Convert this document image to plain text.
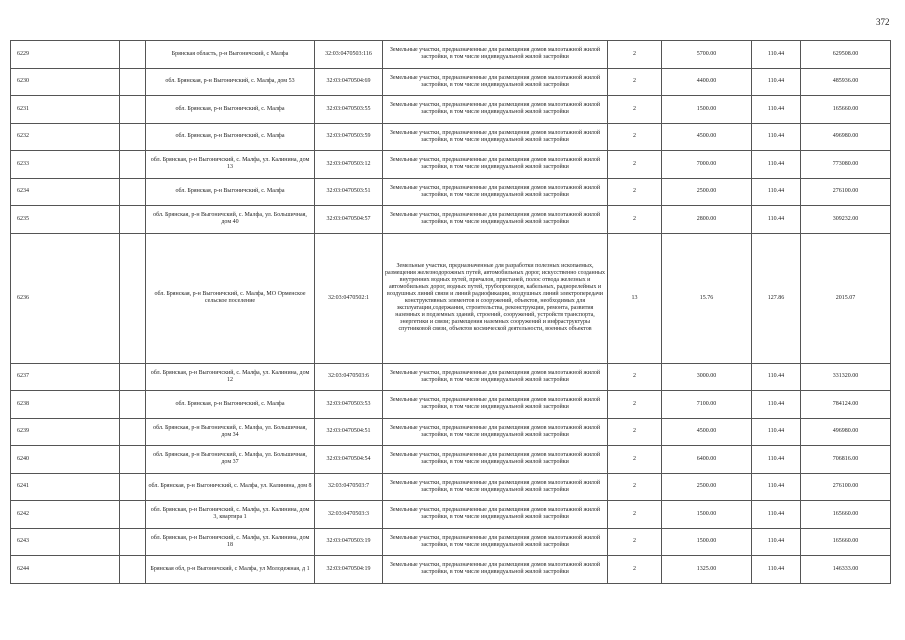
372
6229		Брянская область, р-н Выгоничский, с Малфа	32:03:0470503:116	Земельные участки, предназначенные для размещения домов малоэтажной жилой застройки, в том числе индивидуальной жилой застройки	2	5700.00	110.44	629508.00
6230		обл. Брянская, р-н Выгоничский, с. Малфа, дом 53	32:03:0470504:69	Земельные участки, предназначенные для размещения домов малоэтажной жилой застройки, в том числе индивидуальной жилой застройки	2	4400.00	110.44	485936.00
6231		обл. Брянская, р-н Выгоничский, с. Малфа	32:03:0470503:55	Земельные участки, предназначенные для размещения домов малоэтажной жилой застройки, в том числе индивидуальной жилой застройки	2	1500.00	110.44	165660.00
6232		обл. Брянская, р-н Выгоничский, с. Малфа	32:03:0470503:59	Земельные участки, предназначенные для размещения домов малоэтажной жилой застройки, в том числе индивидуальной жилой застройки	2	4500.00	110.44	496980.00
6233		обл. Брянская, р-н Выгоничский, с. Малфа, ул. Калинина, дом 13	32:03:0470503:12	Земельные участки, предназначенные для размещения домов малоэтажной жилой застройки, в том числе индивидуальной жилой застройки	2	7000.00	110.44	773080.00
6234		обл. Брянская, р-н Выгоничский, с. Малфа	32:03:0470503:51	Земельные участки, предназначенные для размещения домов малоэтажной жилой застройки, в том числе индивидуальной жилой застройки	2	2500.00	110.44	276100.00
6235		обл. Брянская, р-н Выгоничский, с. Малфа, ул. Большичная, дом 40	32:03:0470504:57	Земельные участки, предназначенные для размещения домов малоэтажной жилой застройки, в том числе индивидуальной жилой застройки	2	2800.00	110.44	309232.00
6236		обл. Брянская, р-н Выгоничский, с. Малфа, МО Орменское сельское поселение	32:03:0470502:1	Земельные участки, предназначенные для разработки полезных ископаемых, размещения железнодорожных путей, автомобильных дорог, искусственно созданных внутренних водных путей, причалов, пристаней, полос отвода железных и автомобильных дорог, водных путей, трубопроводов, кабельных, радиорелейных и воздушных линий связи и линий радиофикации, воздушных линий электропередачи конструктивных элементов и сооружений, объектов, необходимых для эксплуатации,содержания, строительства, реконструкции, ремонта, развития наземных и подземных зданий, строений, сооружений, устройств транспорта, энергетики и связи; размещения наземных сооружений и инфраструктуры спутниковой связи, объектов космической деятельности, военных объектов	13	15.76	127.86	2015.07
6237		обл. Брянская, р-н Выгоничский, с. Малфа, ул. Калинина, дом 12	32:03:0470503:6	Земельные участки, предназначенные для размещения домов малоэтажной жилой застройки, в том числе индивидуальной жилой застройки	2	3000.00	110.44	331320.00
6238		обл. Брянская, р-н Выгоничский, с. Малфа	32:03:0470503:53	Земельные участки, предназначенные для размещения домов малоэтажной жилой застройки, в том числе индивидуальной жилой застройки	2	7100.00	110.44	784124.00
6239		обл. Брянская, р-н Выгоничский, с. Малфа, ул. Большичная, дом 34	32:03:0470504:51	Земельные участки, предназначенные для размещения домов малоэтажной жилой застройки, в том числе индивидуальной жилой застройки	2	4500.00	110.44	496980.00
6240		обл. Брянская, р-н Выгоничский, с. Малфа, ул. Большичная, дом 37	32:03:0470504:54	Земельные участки, предназначенные для размещения домов малоэтажной жилой застройки, в том числе индивидуальной жилой застройки	2	6400.00	110.44	706816.00
6241		обл. Брянская, р-н Выгоничский, с. Малфа, ул. Калинина, дом 8	32:03:0470503:7	Земельные участки, предназначенные для размещения домов малоэтажной жилой застройки, в том числе индивидуальной жилой застройки	2	2500.00	110.44	276100.00
6242		обл. Брянская, р-н Выгоничский, с. Малфа, ул. Калинина, дом 3, квартира 1	32:03:0470503:3	Земельные участки, предназначенные для размещения домов малоэтажной жилой застройки, в том числе индивидуальной жилой застройки	2	1500.00	110.44	165660.00
6243		обл. Брянская, р-н Выгоничский, с. Малфа, ул. Калинина, дом 18	32:03:0470503:19	Земельные участки, предназначенные для размещения домов малоэтажной жилой застройки, в том числе индивидуальной жилой застройки	2	1500.00	110.44	165660.00
6244		Брянская обл, р-н Выгоничский, с Малфа, ул Молодежная, д 1	32:03:0470504:19	Земельные участки, предназначенные для размещения домов малоэтажной жилой застройки, в том числе индивидуальной жилой застройки	2	1325.00	110.44	146333.00
